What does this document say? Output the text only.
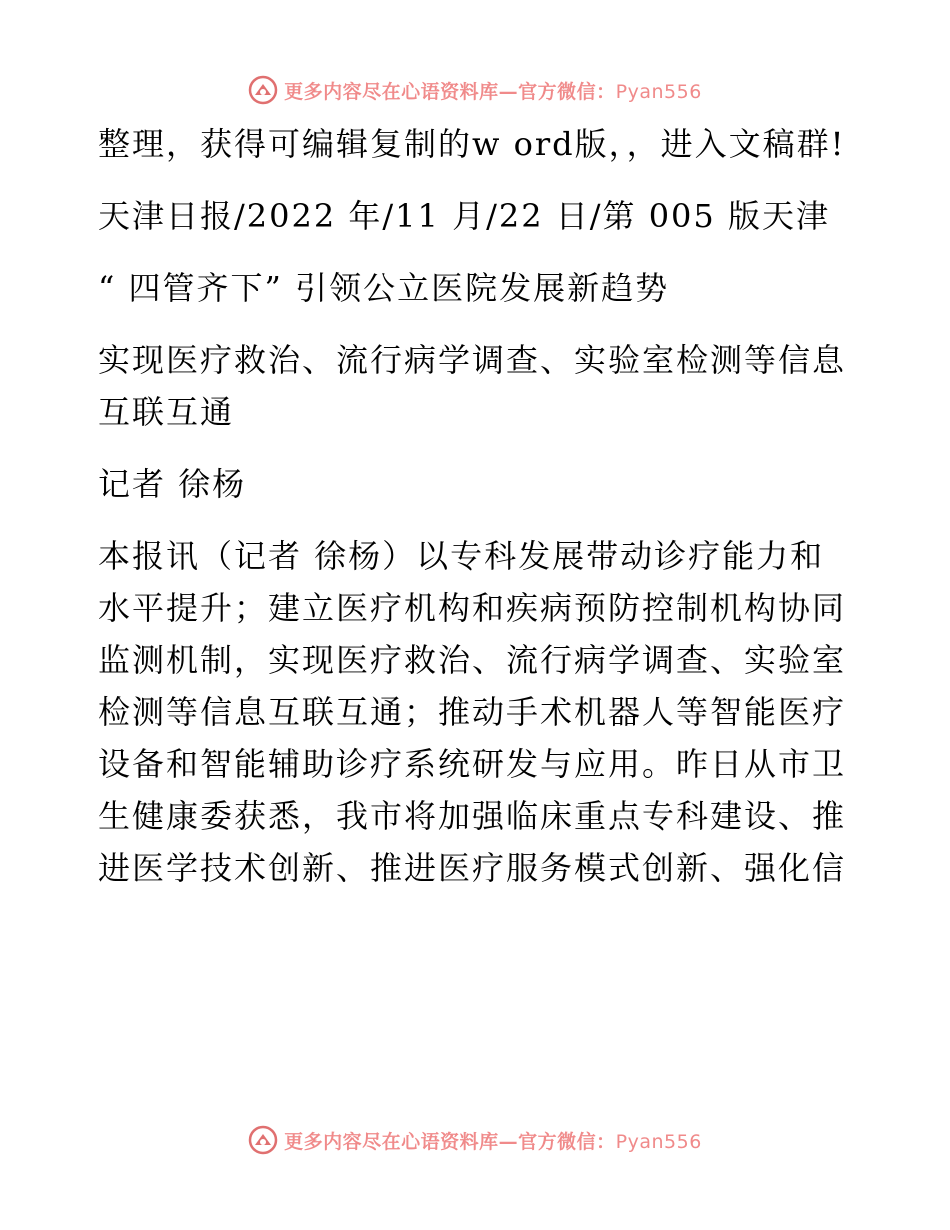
更多内容尽在心语资料库—官方微信：Pyan556

整理，获得可编辑复制的w ord版，，进入文稿群!

天津日报/2022 年/11 月/22 日/第 005 版天津

“ 四管齐下” 引领公立医院发展新趋势

实现医疗救治、流行病学调查、实验室检测等信息互联互通

记者 徐杨

本报讯（记者 徐杨）以专科发展带动诊疗能力和水平提升；建立医疗机构和疾病预防控制机构协同监测机制，实现医疗救治、流行病学调查、实验室检测等信息互联互通；推动手术机器人等智能医疗设备和智能辅助诊疗系统研发与应用。昨日从市卫生健康委获悉，我市将加强临床重点专科建设、推进医学技术创新、推进医疗服务模式创新、强化信

更多内容尽在心语资料库—官方微信：Pyan556
